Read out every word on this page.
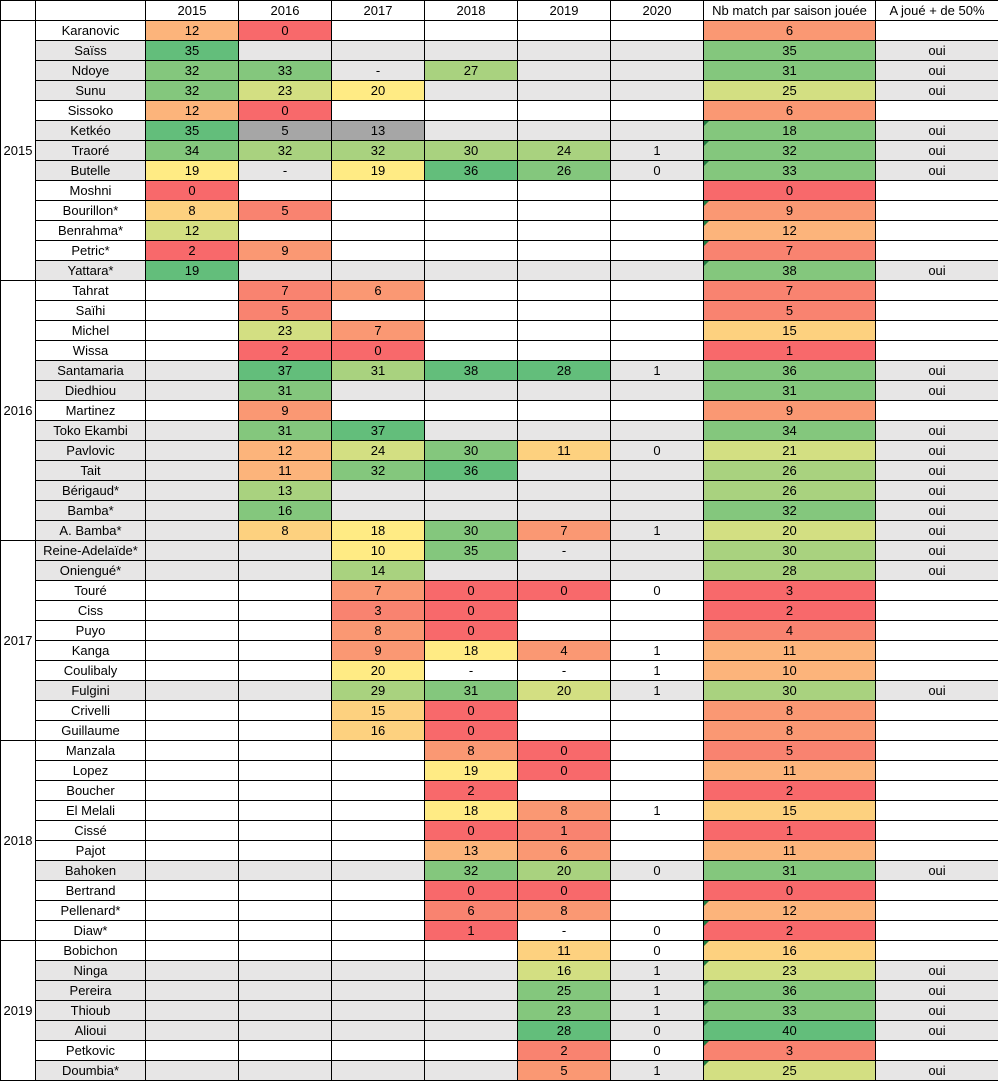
		2015	2016	2017	2018	2019	2020	Nb match par saison jouée	A joué + de 50%
2015	Karanovic	12	0					6	
	Saïss	35						35	oui
	Ndoye	32	33	-	27			31	oui
	Sunu	32	23	20				25	oui
	Sissoko	12	0					6	
	Ketkéo	35	5	13				18	oui
	Traoré	34	32	32	30	24	1	32	oui
	Butelle	19	-	19	36	26	0	33	oui
	Moshni	0						0	
	Bourillon*	8	5					9	
	Benrahma*	12						12	
	Petric*	2	9					7	
	Yattara*	19						38	oui
2016	Tahrat		7	6				7	
	Saïhi		5					5	
	Michel		23	7				15	
	Wissa		2	0				1	
	Santamaria		37	31	38	28	1	36	oui
	Diedhiou		31					31	oui
	Martinez		9					9	
	Toko Ekambi		31	37				34	oui
	Pavlovic		12	24	30	11	0	21	oui
	Tait		11	32	36			26	oui
	Bérigaud*		13					26	oui
	Bamba*		16					32	oui
	A. Bamba*		8	18	30	7	1	20	oui
2017	Reine-Adelaïde*			10	35	-		30	oui
	Oniengué*			14				28	oui
	Touré			7	0	0	0	3	
	Ciss			3	0			2	
	Puyo			8	0			4	
	Kanga			9	18	4	1	11	
	Coulibaly			20	-	-	1	10	
	Fulgini			29	31	20	1	30	oui
	Crivelli			15	0			8	
	Guillaume			16	0			8	
2018	Manzala				8	0		5	
	Lopez				19	0		11	
	Boucher				2			2	
	El Melali				18	8	1	15	
	Cissé				0	1		1	
	Pajot				13	6		11	
	Bahoken				32	20	0	31	oui
	Bertrand				0	0		0	
	Pellenard*				6	8		12	
	Diaw*				1	-	0	2	
2019	Bobichon					11	0	16	
	Ninga					16	1	23	oui
	Pereira					25	1	36	oui
	Thioub					23	1	33	oui
	Alioui					28	0	40	oui
	Petkovic					2	0	3	
	Doumbia*					5	1	25	oui
